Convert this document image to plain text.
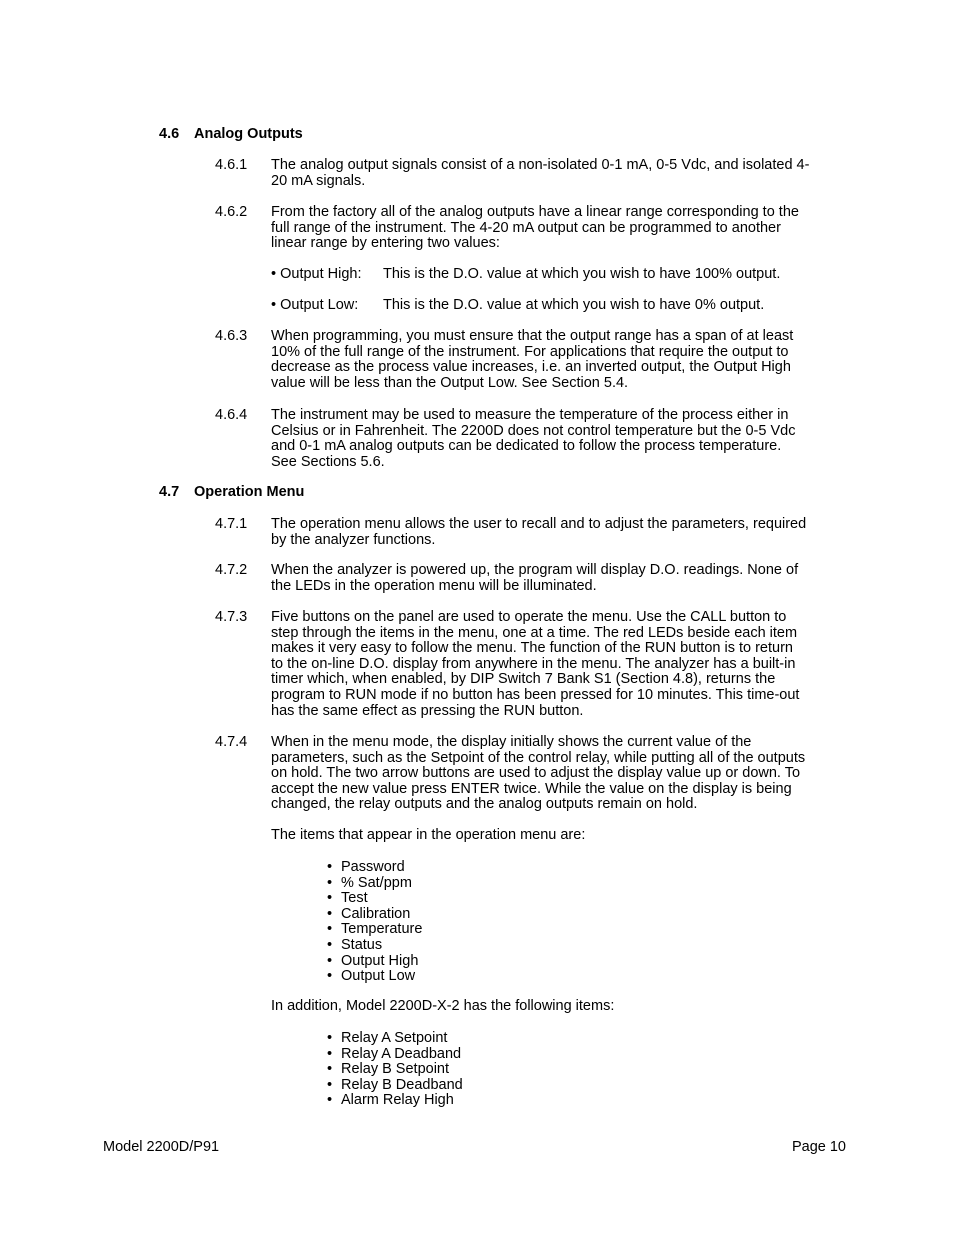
4.6 Analog Outputs
4.6.1 The analog output signals consist of a non-isolated 0-1 mA, 0-5 Vdc, and isolated 4-
20 mA signals.
4.6.2 From the factory all of the analog outputs have a linear range corresponding to the
full range of the instrument. The 4-20 mA output can be programmed to another
linear range by entering two values:
• Output High: This is the D.O. value at which you wish to have 100% output.
• Output Low: This is the D.O. value at which you wish to have 0% output.
4.6.3 When programming, you must ensure that the output range has a span of at least
10% of the full range of the instrument. For applications that require the output to
decrease as the process value increases, i.e. an inverted output, the Output High
value will be less than the Output Low. See Section 5.4.
4.6.4 The instrument may be used to measure the temperature of the process either in
Celsius or in Fahrenheit. The 2200D does not control temperature but the 0-5 Vdc
and 0-1 mA analog outputs can be dedicated to follow the process temperature.
See Sections 5.6.
4.7 Operation Menu
4.7.1 The operation menu allows the user to recall and to adjust the parameters, required
by the analyzer functions.
4.7.2 When the analyzer is powered up, the program will display D.O. readings. None of
the LEDs in the operation menu will be illuminated.
4.7.3 Five buttons on the panel are used to operate the menu. Use the CALL button to
step through the items in the menu, one at a time. The red LEDs beside each item
makes it very easy to follow the menu. The function of the RUN button is to return
to the on-line D.O. display from anywhere in the menu. The analyzer has a built-in
timer which, when enabled, by DIP Switch 7 Bank S1 (Section 4.8), returns the
program to RUN mode if no button has been pressed for 10 minutes. This time-out
has the same effect as pressing the RUN button.
4.7.4 When in the menu mode, the display initially shows the current value of the
parameters, such as the Setpoint of the control relay, while putting all of the outputs
on hold. The two arrow buttons are used to adjust the display value up or down. To
accept the new value press ENTER twice. While the value on the display is being
changed, the relay outputs and the analog outputs remain on hold.
The items that appear in the operation menu are:
• Password
• % Sat/ppm
• Test
• Calibration
• Temperature
• Status
• Output High
• Output Low
In addition, Model 2200D-X-2 has the following items:
• Relay A Setpoint
• Relay A Deadband
• Relay B Setpoint
• Relay B Deadband
• Alarm Relay High
Model 2200D/P91	Page 10
